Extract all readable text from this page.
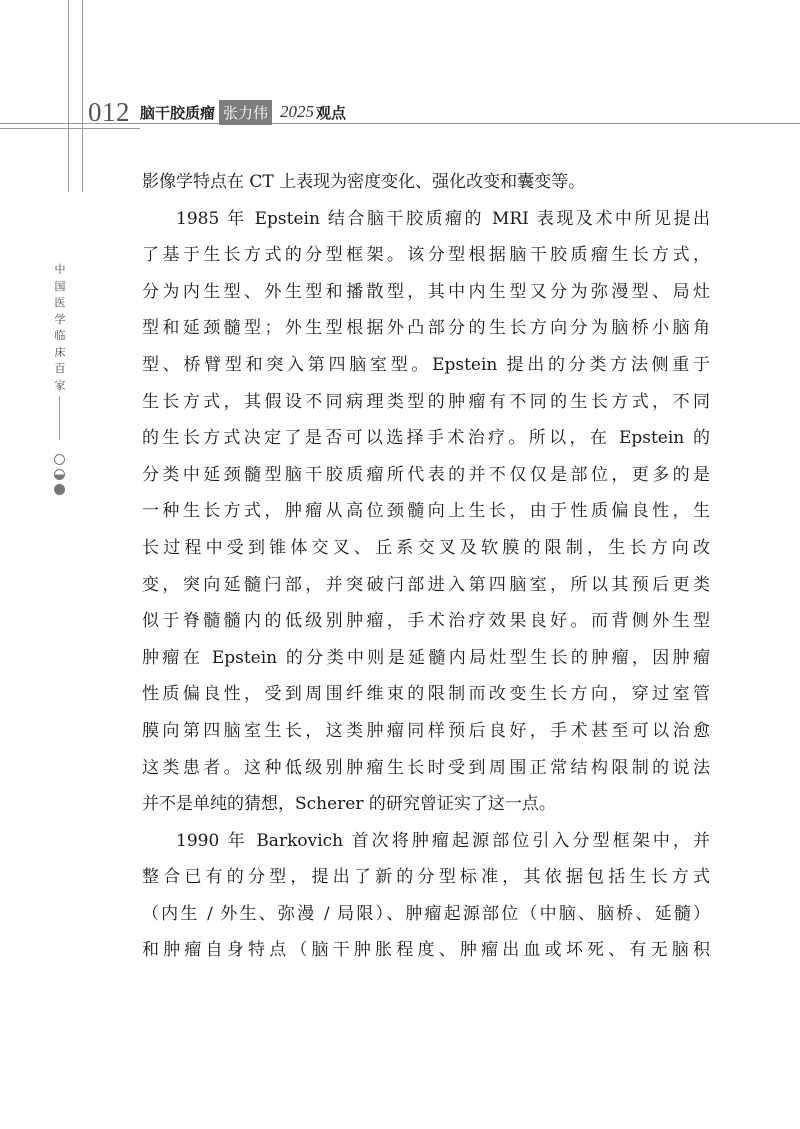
012 脑干胶质瘤 张力伟 2025 观点
中
国
医
学
临
床
百
家

影像学特点在 CT 上表现为密度变化、强化改变和囊变等。

1985 年 Epstein 结合脑干胶质瘤的 MRI 表现及术中所见提出

了基于生长方式的分型框架。该分型根据脑干胶质瘤生长方式，

分为内生型、外生型和播散型，其中内生型又分为弥漫型、局灶

型和延颈髓型；外生型根据外凸部分的生长方向分为脑桥小脑角

型、桥臂型和突入第四脑室型。Epstein 提出的分类方法侧重于

生长方式，其假设不同病理类型的肿瘤有不同的生长方式，不同

的生长方式决定了是否可以选择手术治疗。所以，在 Epstein 的

分类中延颈髓型脑干胶质瘤所代表的并不仅仅是部位，更多的是

一种生长方式，肿瘤从高位颈髓向上生长，由于性质偏良性，生

长过程中受到锥体交叉、丘系交叉及软膜的限制，生长方向改

变，突向延髓闩部，并突破闩部进入第四脑室，所以其预后更类

似于脊髓髓内的低级别肿瘤，手术治疗效果良好。而背侧外生型

肿瘤在 Epstein 的分类中则是延髓内局灶型生长的肿瘤，因肿瘤

性质偏良性，受到周围纤维束的限制而改变生长方向，穿过室管

膜向第四脑室生长，这类肿瘤同样预后良好，手术甚至可以治愈

这类患者。这种低级别肿瘤生长时受到周围正常结构限制的说法

并不是单纯的猜想，Scherer 的研究曾证实了这一点。

1990 年 Barkovich 首次将肿瘤起源部位引入分型框架中，并

整合已有的分型，提出了新的分型标准，其依据包括生长方式

（内生 / 外生、弥漫 / 局限）、肿瘤起源部位（中脑、脑桥、延髓）

和肿瘤自身特点（脑干肿胀程度、肿瘤出血或坏死、有无脑积
